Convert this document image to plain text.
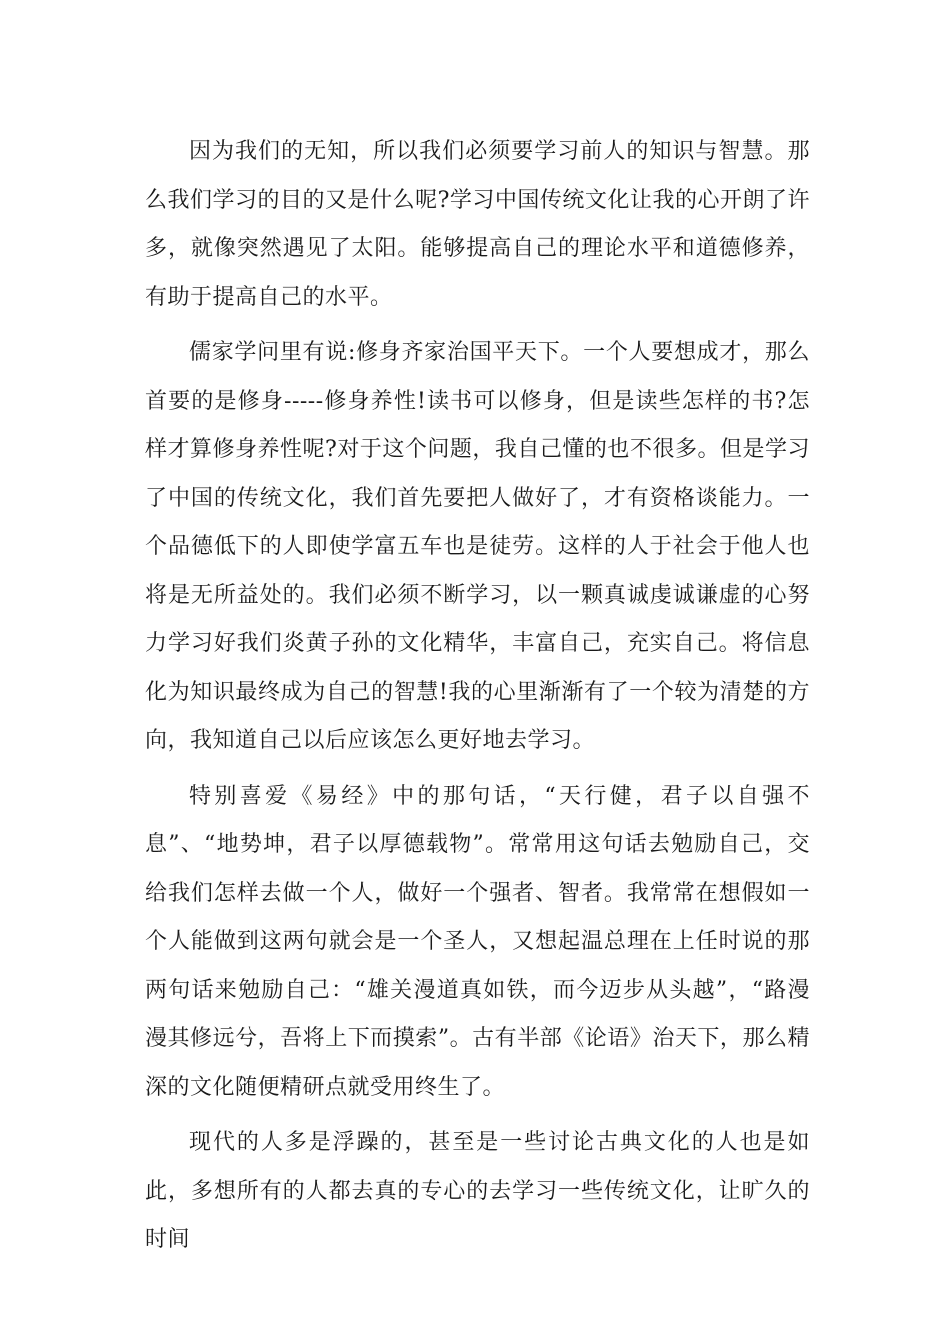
因为我们的无知，所以我们必须要学习前人的知识与智慧。那么我们学习的目的又是什么呢?学习中国传统文化让我的心开朗了许多，就像突然遇见了太阳。能够提高自己的理论水平和道德修养，有助于提高自己的水平。

儒家学问里有说:修身齐家治国平天下。一个人要想成才，那么首要的是修身-----修身养性!读书可以修身，但是读些怎样的书?怎样才算修身养性呢?对于这个问题，我自己懂的也不很多。但是学习了中国的传统文化，我们首先要把人做好了，才有资格谈能力。一个品德低下的人即使学富五车也是徒劳。这样的人于社会于他人也将是无所益处的。我们必须不断学习，以一颗真诚虔诚谦虚的心努力学习好我们炎黄子孙的文化精华，丰富自己，充实自己。将信息化为知识最终成为自己的智慧!我的心里渐渐有了一个较为清楚的方向，我知道自己以后应该怎么更好地去学习。

特别喜爱《易经》中的那句话，“天行健，君子以自强不息”、“地势坤，君子以厚德载物”。常常用这句话去勉励自己，交给我们怎样去做一个人，做好一个强者、智者。我常常在想假如一个人能做到这两句就会是一个圣人，又想起温总理在上任时说的那两句话来勉励自己：“雄关漫道真如铁，而今迈步从头越”，“路漫漫其修远兮，吾将上下而摸索”。古有半部《论语》治天下，那么精深的文化随便精研点就受用终生了。

现代的人多是浮躁的，甚至是一些讨论古典文化的人也是如此，多想所有的人都去真的专心的去学习一些传统文化，让旷久的时间
